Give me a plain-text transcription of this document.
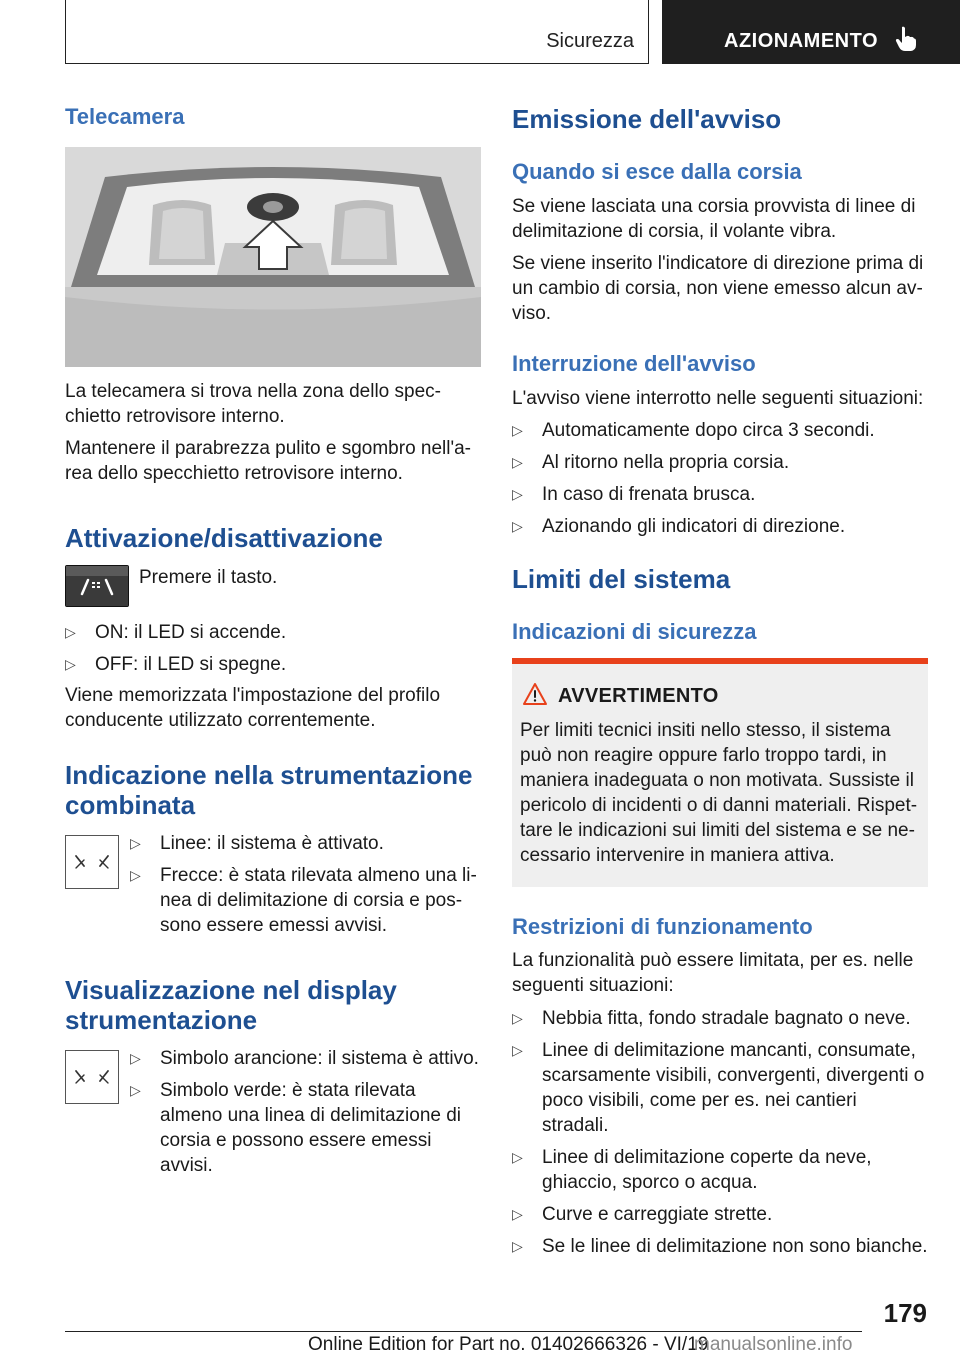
Sicurezza	AZIONAMENTO
Telecamera

La telecamera si trova nella zona dello spec-chietto retrovisore interno.

Mantenere il parabrezza pulito e sgombro nell'a-rea dello specchietto retrovisore interno.

Attivazione/disattivazione

Premere il tasto.

▷ ON: il LED si accende.
▷ OFF: il LED si spegne.

Viene memorizzata l'impostazione del profilo conducente utilizzato correntemente.

Indicazione nella strumentazione combinata
▷ Linee: il sistema è attivato.
▷ Frecce: è stata rilevata almeno una li-nea di delimitazione di corsia e pos-sono essere emessi avvisi.
Visualizzazione nel display strumentazione
▷ Simbolo arancione: il sistema è attivo.
▷ Simbolo verde: è stata rilevata almeno una linea di delimitazione di corsia e possono essere emessi avvisi.
Emissione dell'avviso
Quando si esce dalla corsia

Se viene lasciata una corsia provvista di linee di delimitazione di corsia, il volante vibra.

Se viene inserito l'indicatore di direzione prima di un cambio di corsia, non viene emesso alcun av-viso.

Interruzione dell'avviso

L'avviso viene interrotto nelle seguenti situazioni:

▷ Automaticamente dopo circa 3 secondi.
▷ Al ritorno nella propria corsia.
▷ In caso di frenata brusca.
▷ Azionando gli indicatori di direzione.
Limiti del sistema
Indicazioni di sicurezza
AVVERTIMENTO
Per limiti tecnici insiti nello stesso, il sistema può non reagire oppure farlo troppo tardi, in maniera inadeguata o non motivata. Sussiste il pericolo di incidenti o di danni materiali. Rispet-tare le indicazioni sui limiti del sistema e se ne-cessario intervenire in maniera attiva.
Restrizioni di funzionamento

La funzionalità può essere limitata, per es. nelle seguenti situazioni:

▷ Nebbia fitta, fondo stradale bagnato o neve.
▷ Linee di delimitazione mancanti, consumate, scarsamente visibili, convergenti, divergenti o poco visibili, come per es. nei cantieri stradali.
▷ Linee di delimitazione coperte da neve, ghiaccio, sporco o acqua.
▷ Curve e carreggiate strette.
▷ Se le linee di delimitazione non sono bianche.
179
Online Edition for Part no. 01402666326 - VI/19
manualsonline.info
